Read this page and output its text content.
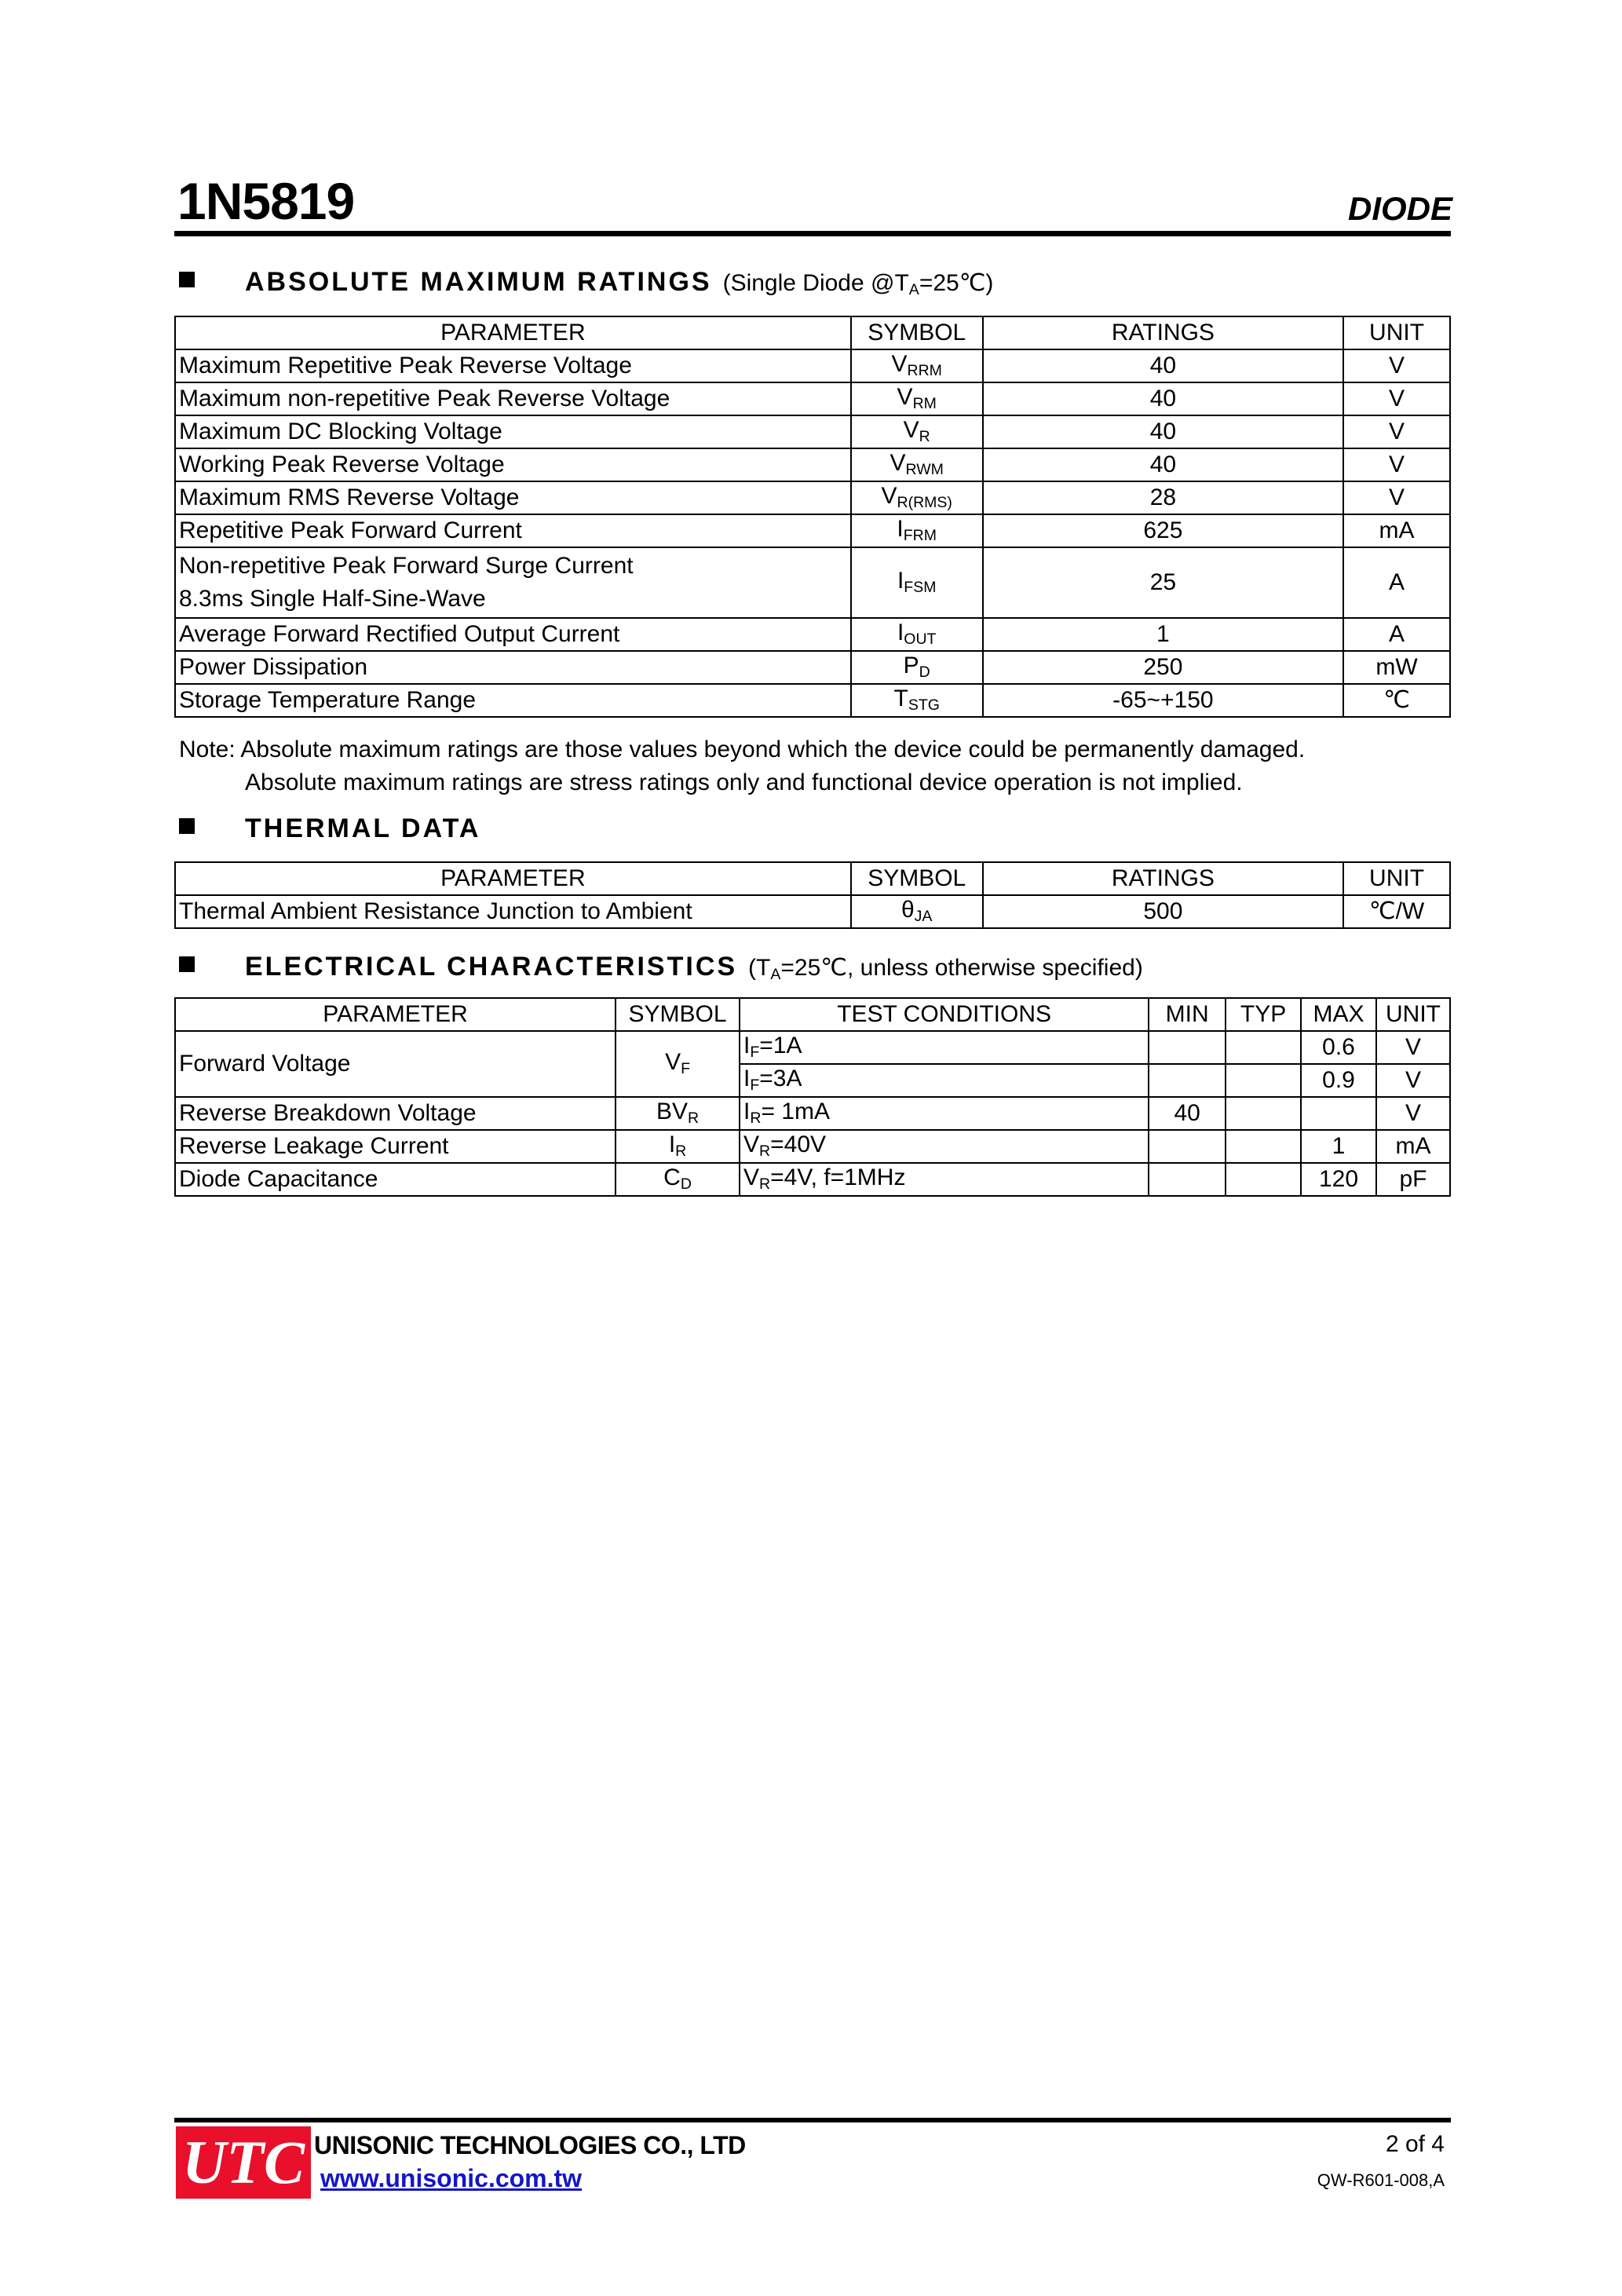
1N5819	DIODE
ABSOLUTE MAXIMUM RATINGS (Single Diode $@T_A=25℃$)
PARAMETER	SYMBOL	RATINGS	UNIT
Maximum Repetitive Peak Reverse Voltage	$V_{RRM}$	40	V
Maximum non-repetitive Peak Reverse Voltage	$V_{RM}$	40	V
Maximum DC Blocking Voltage	$V_R$	40	V
Working Peak Reverse Voltage	$V_{RWM}$	40	V
Maximum RMS Reverse Voltage	$V_{R(RMS)}$	28	V
Repetitive Peak Forward Current	$I_{FRM}$	625	mA

Non-repetitive Peak Forward Surge Current
8.3ms Single Half-Sine-Wave	$I_{FSM}$	25	A
Average Forward Rectified Output Current	$I_{OUT}$	1	A
Power Dissipation	$P_D$	250	mW
Storage Temperature Range	$T_{STG}$	-65~+150	℃
Note: Absolute maximum ratings are those values beyond which the device could be permanently damaged.
Absolute maximum ratings are stress ratings only and functional device operation is not implied.
THERMAL DATA
PARAMETER	SYMBOL	RATINGS	UNIT
Thermal Ambient Resistance Junction to Ambient	$\theta_{JA}$	500	℃/W
ELECTRICAL CHARACTERISTICS ($T_A=25℃$, unless otherwise specified)
PARAMETER	SYMBOL	TEST CONDITIONS	MIN	TYP	MAX	UNIT
Forward Voltage	$V_F$	$I_F=1A$			0.6	V
		$I_F=3A$			0.9	V
Reverse Breakdown Voltage	$BV_R$	$I_R= 1mA$	40			V
Reverse Leakage Current	$I_R$	$V_R=40V$			1	mA
Diode Capacitance	$C_D$	$V_R=4V$, f=1MHz			120	pF
UTC UNISONIC TECHNOLOGIES CO., LTD
www.unisonic.com.tw
2 of 4
QW-R601-008,A
